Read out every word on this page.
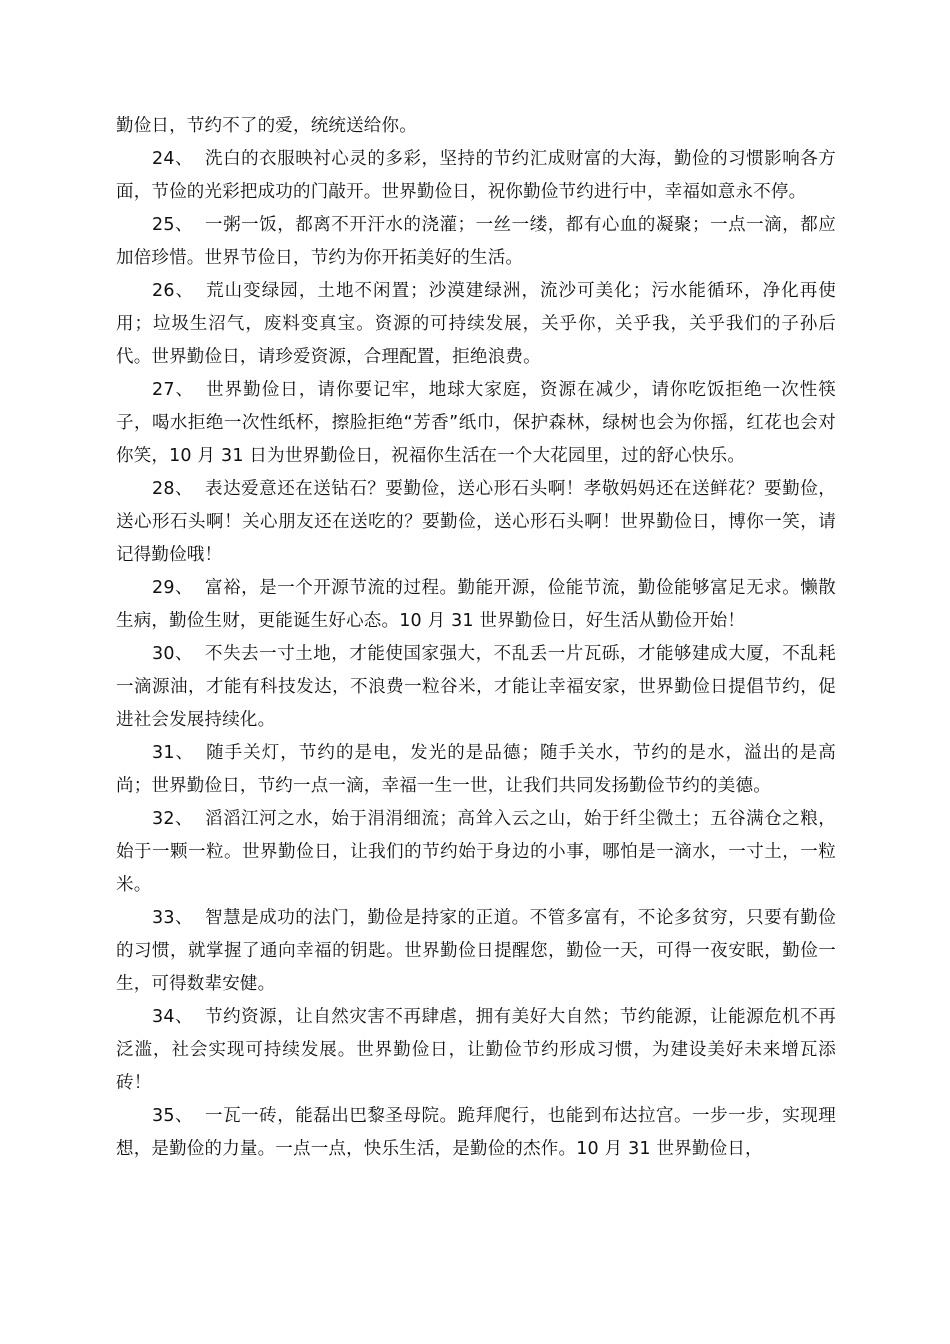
勤俭日，节约不了的爱，统统送给你。

24、 洗白的衣服映衬心灵的多彩，坚持的节约汇成财富的大海，勤俭的习惯影响各方面，节俭的光彩把成功的门敲开。世界勤俭日，祝你勤俭节约进行中，幸福如意永不停。

25、 一粥一饭，都离不开汗水的浇灌；一丝一缕，都有心血的凝聚；一点一滴，都应加倍珍惜。世界节俭日，节约为你开拓美好的生活。

26、 荒山变绿园，土地不闲置；沙漠建绿洲，流沙可美化；污水能循环，净化再使用；垃圾生沼气，废料变真宝。资源的可持续发展，关乎你，关乎我，关乎我们的子孙后代。世界勤俭日，请珍爱资源，合理配置，拒绝浪费。

27、 世界勤俭日，请你要记牢，地球大家庭，资源在减少，请你吃饭拒绝一次性筷子，喝水拒绝一次性纸杯，擦脸拒绝“芳香”纸巾，保护森林，绿树也会为你摇，红花也会对你笑，10 月 31 日为世界勤俭日，祝福你生活在一个大花园里，过的舒心快乐。

28、 表达爱意还在送钻石？要勤俭，送心形石头啊！孝敬妈妈还在送鲜花？要勤俭，送心形石头啊！关心朋友还在送吃的？要勤俭，送心形石头啊！世界勤俭日，博你一笑，请记得勤俭哦！

29、 富裕，是一个开源节流的过程。勤能开源，俭能节流，勤俭能够富足无求。懒散生病，勤俭生财，更能诞生好心态。10 月 31 世界勤俭日，好生活从勤俭开始！

30、 不失去一寸土地，才能使国家强大，不乱丢一片瓦砾，才能够建成大厦，不乱耗一滴源油，才能有科技发达，不浪费一粒谷米，才能让幸福安家，世界勤俭日提倡节约，促进社会发展持续化。

31、 随手关灯，节约的是电，发光的是品德；随手关水，节约的是水，溢出的是高尚；世界勤俭日，节约一点一滴，幸福一生一世，让我们共同发扬勤俭节约的美德。

32、 滔滔江河之水，始于涓涓细流；高耸入云之山，始于纤尘微土；五谷满仓之粮，始于一颗一粒。世界勤俭日，让我们的节约始于身边的小事，哪怕是一滴水，一寸土，一粒米。

33、 智慧是成功的法门，勤俭是持家的正道。不管多富有，不论多贫穷，只要有勤俭的习惯，就掌握了通向幸福的钥匙。世界勤俭日提醒您，勤俭一天，可得一夜安眠，勤俭一生，可得数辈安健。

34、 节约资源，让自然灾害不再肆虐，拥有美好大自然；节约能源，让能源危机不再泛滥，社会实现可持续发展。世界勤俭日，让勤俭节约形成习惯，为建设美好未来增瓦添砖！

35、 一瓦一砖，能磊出巴黎圣母院。跪拜爬行，也能到布达拉宫。一步一步，实现理想，是勤俭的力量。一点一点，快乐生活，是勤俭的杰作。10 月 31 世界勤俭日，
